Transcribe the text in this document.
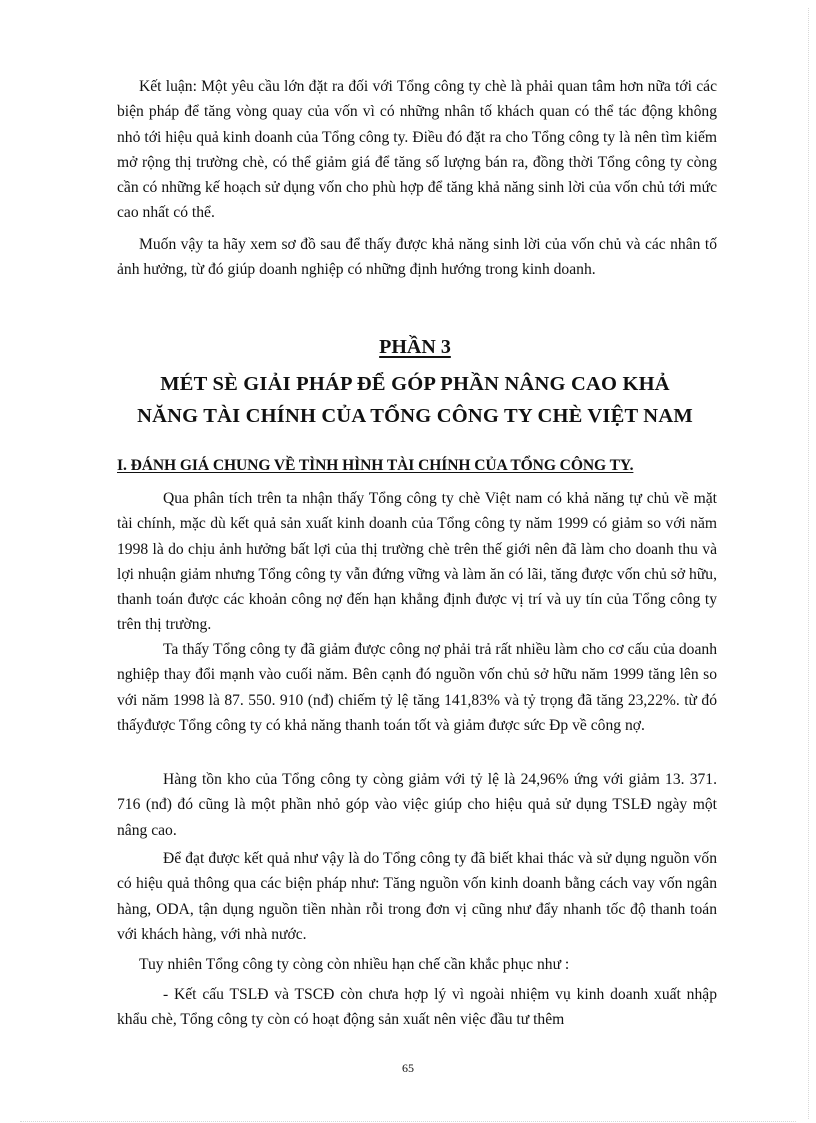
Kết luận: Một yêu cầu lớn đặt ra đối với Tổng công ty chè là phải quan tâm hơn nữa tới các biện pháp để tăng vòng quay của vốn vì có những nhân tố khách quan có thể tác động không nhỏ tới hiệu quả kinh doanh của Tổng công ty. Điều đó đặt ra cho Tổng công ty là nên tìm kiếm mở rộng thị trường chè, có thể giảm giá để tăng số lượng bán ra, đồng thời Tổng công ty còng cần có những kế hoạch sử dụng vốn cho phù hợp để tăng khả năng sinh lời của vốn chủ tới mức cao nhất có thể.

Muốn vậy ta hãy xem sơ đồ sau để thấy được khả năng sinh lời của vốn chủ và các nhân tố ảnh hưởng, từ đó giúp doanh nghiệp có những định hướng trong kinh doanh.

PHẦN 3
MÉT SÈ GIẢI PHÁP ĐỂ GÓP PHẦN NÂNG CAO KHẢ
NĂNG TÀI CHÍNH CỦA TỔNG CÔNG TY CHÈ VIỆT NAM
I. ĐÁNH GIÁ CHUNG VỀ TÌNH HÌNH TÀI CHÍNH CỦA TỔNG CÔNG TY.

Qua phân tích trên ta nhận thấy Tổng công ty chè Việt nam có khả năng tự chủ về mặt tài chính, mặc dù kết quả sản xuất kinh doanh của Tổng công ty năm 1999 có giảm so với năm 1998 là do chịu ảnh hưởng bất lợi của thị trường chè trên thế giới nên đã làm cho doanh thu và lợi nhuận giảm nhưng Tổng công ty vẫn đứng vững và làm ăn có lãi, tăng được vốn chủ sở hữu, thanh toán được các khoản công nợ đến hạn khẳng định được vị trí và uy tín của Tổng công ty trên thị trường.

Ta thấy Tổng công ty đã giảm được công nợ phải trả rất nhiều làm cho cơ cấu của doanh nghiệp thay đổi mạnh vào cuối năm. Bên cạnh đó nguồn vốn chủ sở hữu năm 1999 tăng lên so với năm 1998 là 87. 550. 910 (nđ) chiếm tỷ lệ tăng 141,83% và tỷ trọng đã tăng 23,22%. từ đó thấyđược Tổng công ty có khả năng thanh toán tốt và giảm được sức Ðp về công nợ.

Hàng tồn kho của Tổng công ty còng giảm với tỷ lệ là 24,96% ứng với giảm 13. 371. 716 (nđ) đó cũng là một phần nhỏ góp vào việc giúp cho hiệu quả sử dụng TSLĐ ngày một nâng cao.

Để đạt được kết quả như vậy là do Tổng công ty đã biết khai thác và sử dụng nguồn vốn có hiệu quả thông qua các biện pháp như: Tăng nguồn vốn kinh doanh bằng cách vay vốn ngân hàng, ODA, tận dụng nguồn tiền nhàn rỗi trong đơn vị cũng như đẩy nhanh tốc độ thanh toán với khách hàng, với nhà nước.

Tuy nhiên Tổng công ty còng còn nhiều hạn chế cần khắc phục như :

- Kết cấu TSLĐ và TSCĐ còn chưa hợp lý vì ngoài nhiệm vụ kinh doanh xuất nhập khẩu chè, Tổng công ty còn có hoạt động sản xuất nên việc đầu tư thêm

65
